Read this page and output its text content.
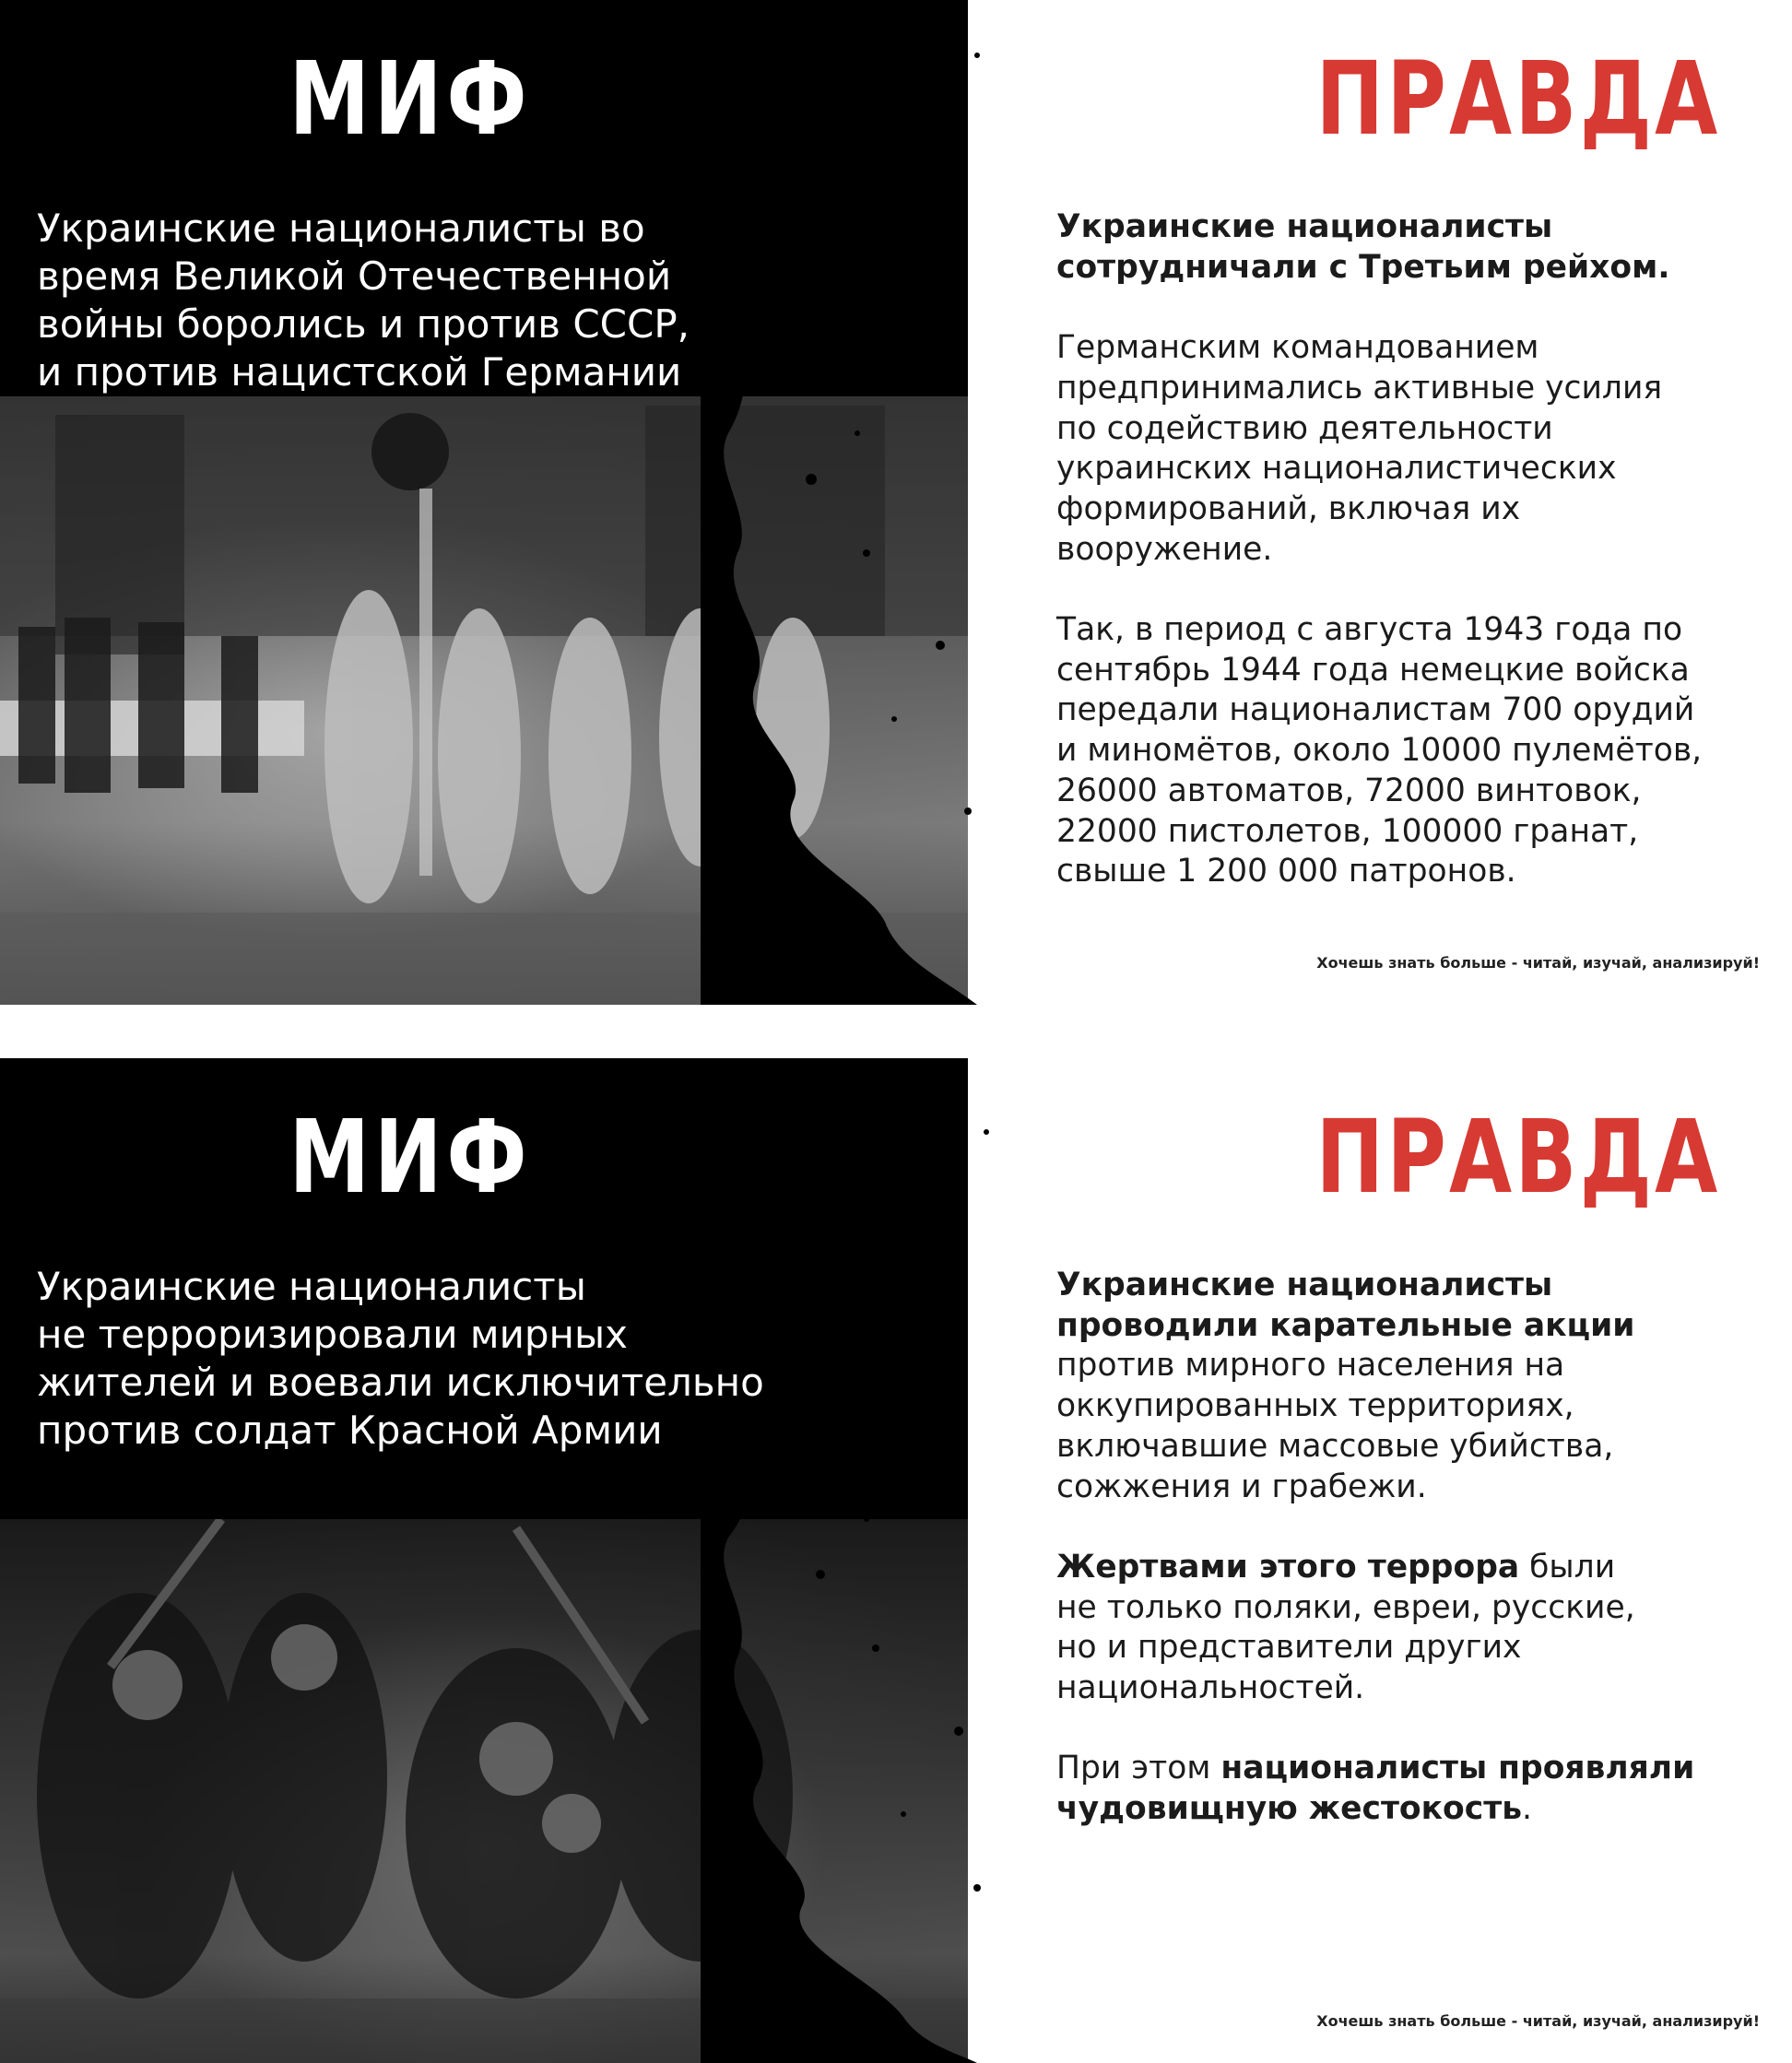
МИФ
Украинские националисты во
время Великой Отечественной
войны боролись и против СССР,
и против нацистской Германии
ПРАВДА

Украинские националисты
сотрудничали с Третьим рейхом.

Германским командованием
предпринимались активные усилия
по содействию деятельности
украинских националистических
формирований, включая их
вооружение.

Так, в период с августа 1943 года по
сентябрь 1944 года немецкие войска
передали националистам 700 орудий
и миномётов, около 10000 пулемётов,
26000 автоматов, 72000 винтовок,
22000 пистолетов, 100000 гранат,
свыше 1 200 000 патронов.

Хочешь знать больше - читай, изучай, анализируй!
МИФ
Украинские националисты
не терроризировали мирных
жителей и воевали исключительно
против солдат Красной Армии
ПРАВДА

Украинские националисты
проводили карательные акции
против мирного населения на
оккупированных территориях,
включавшие массовые убийства,
сожжения и грабежи.

Жертвами этого террора были
не только поляки, евреи, русские,
но и представители других
национальностей.

При этом националисты проявляли
чудовищную жестокость.

Хочешь знать больше - читай, изучай, анализируй!
